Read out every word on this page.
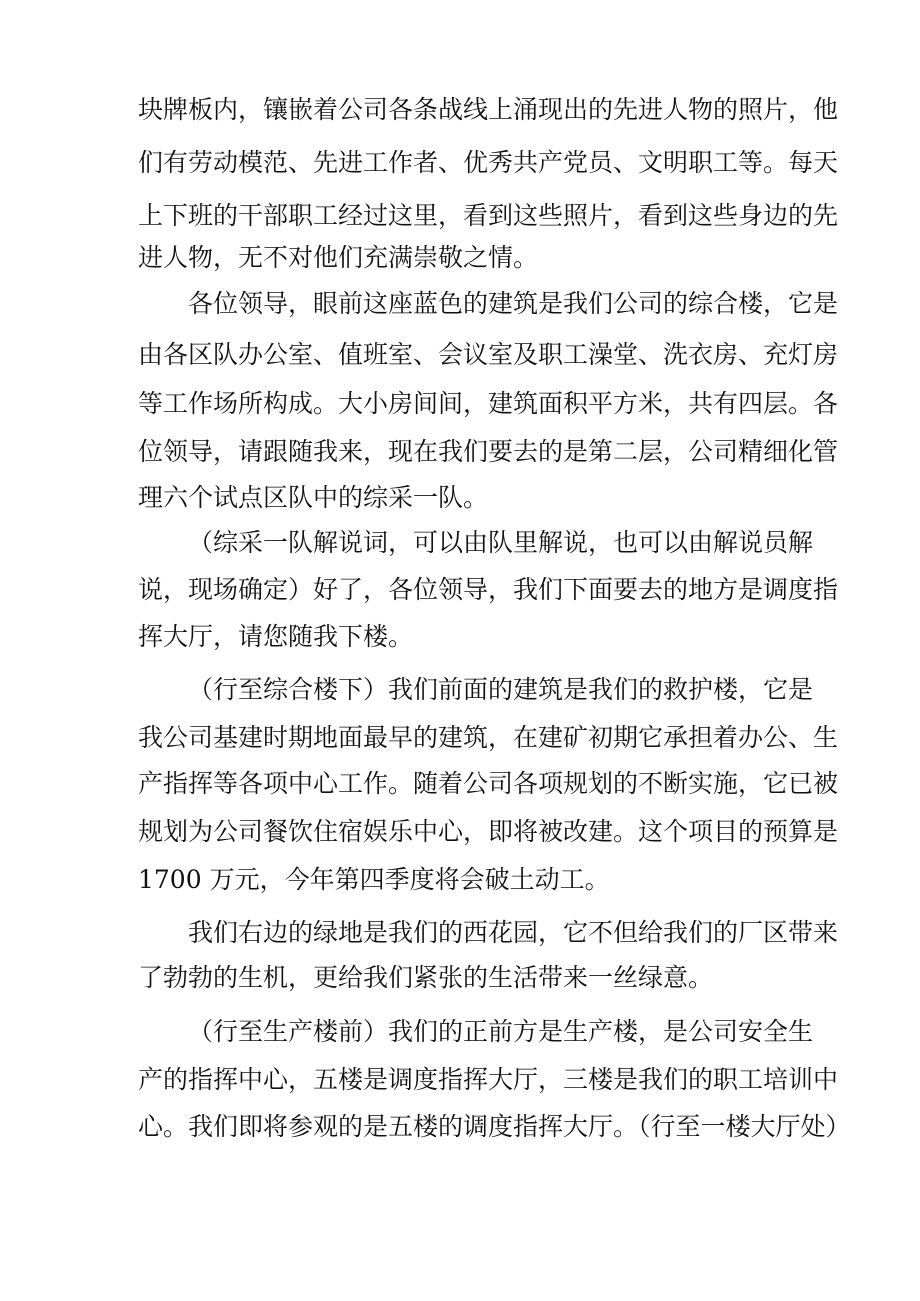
块牌板内，镶嵌着公司各条战线上涌现出的先进人物的照片，他
们有劳动模范、先进工作者、优秀共产党员、文明职工等。每天
上下班的干部职工经过这里，看到这些照片，看到这些身边的先
进人物，无不对他们充满崇敬之情。
各位领导，眼前这座蓝色的建筑是我们公司的综合楼，它是
由各区队办公室、值班室、会议室及职工澡堂、洗衣房、充灯房
等工作场所构成。大小房间间，建筑面积平方米，共有四层。各
位领导，请跟随我来，现在我们要去的是第二层，公司精细化管
理六个试点区队中的综采一队。
（综采一队解说词，可以由队里解说，也可以由解说员解
说，现场确定）好了，各位领导，我们下面要去的地方是调度指
挥大厅，请您随我下楼。
（行至综合楼下）我们前面的建筑是我们的救护楼，它是
我公司基建时期地面最早的建筑，在建矿初期它承担着办公、生
产指挥等各项中心工作。随着公司各项规划的不断实施，它已被
规划为公司餐饮住宿娱乐中心，即将被改建。这个项目的预算是
1700 万元，今年第四季度将会破土动工。
我们右边的绿地是我们的西花园，它不但给我们的厂区带来
了勃勃的生机，更给我们紧张的生活带来一丝绿意。
（行至生产楼前）我们的正前方是生产楼，是公司安全生
产的指挥中心，五楼是调度指挥大厅，三楼是我们的职工培训中
心。我们即将参观的是五楼的调度指挥大厅。（行至一楼大厅处）
